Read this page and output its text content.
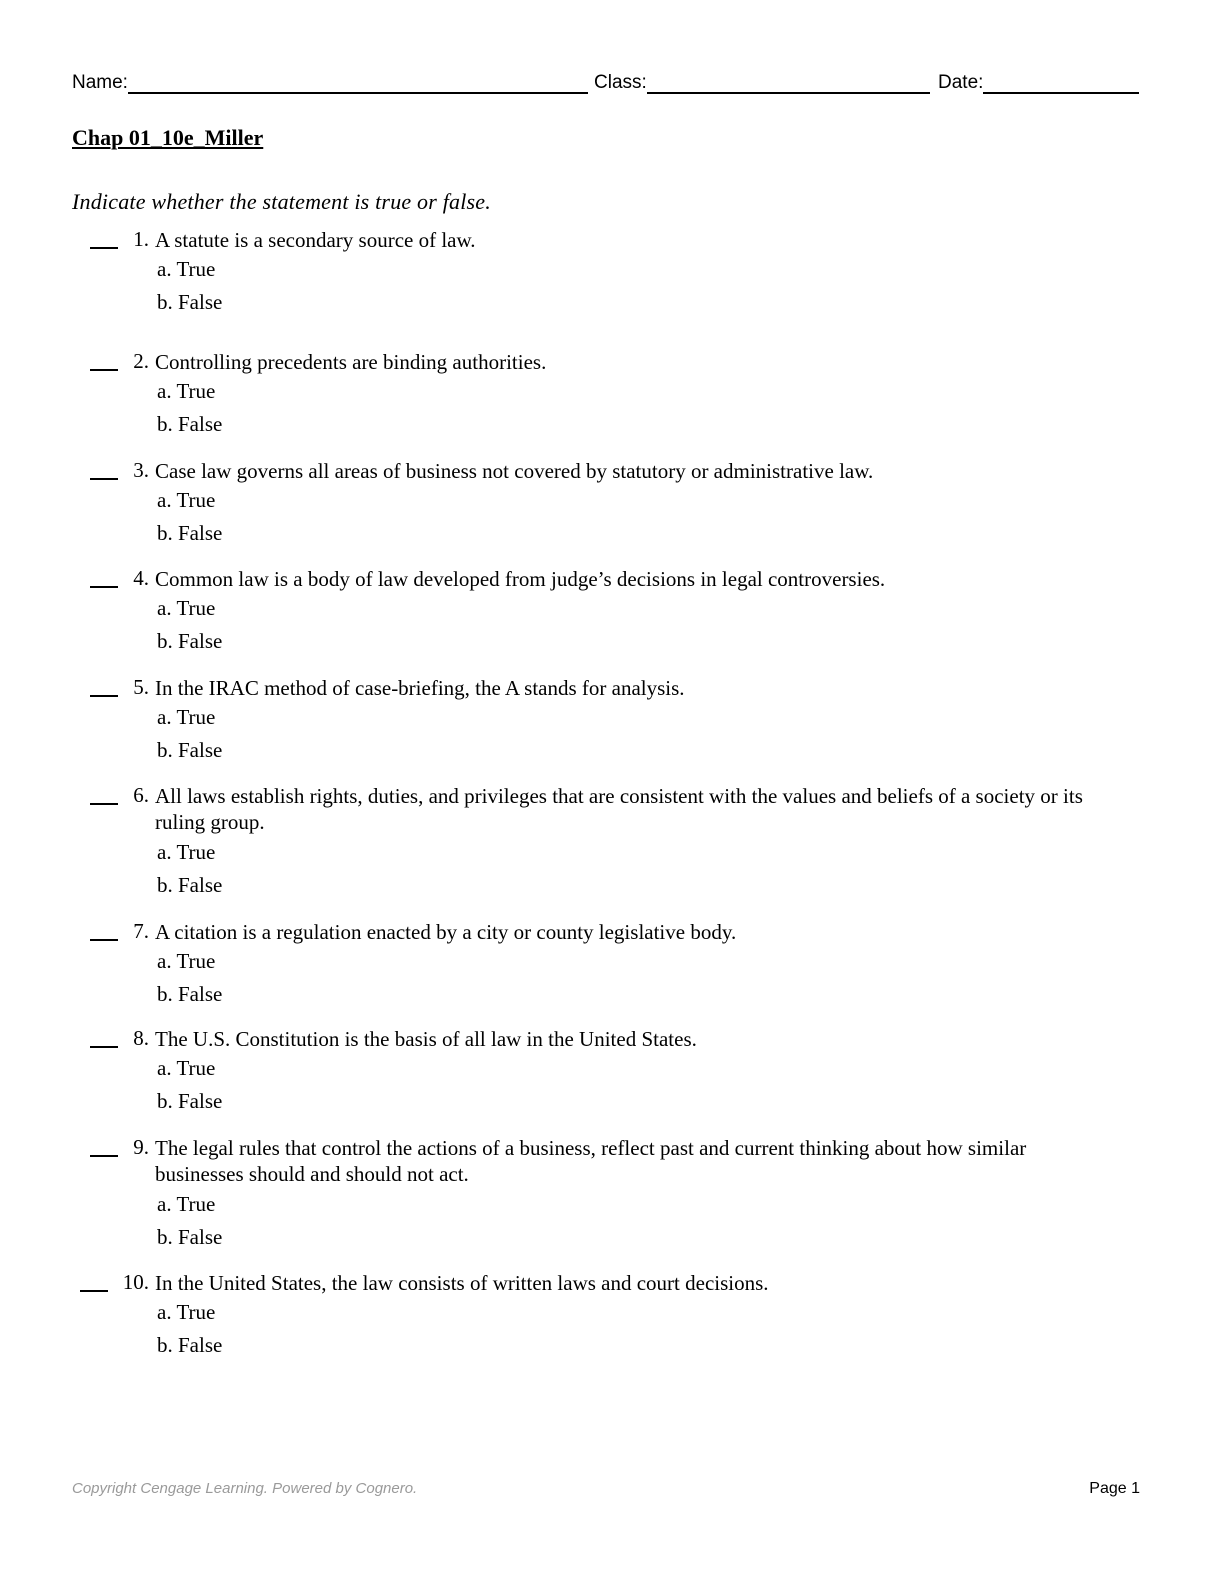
Name:	Class:	Date:
Chap 01_10e_Miller
Indicate whether the statement is true or false.
1. A statute is a secondary source of law.
a. True
b. False
2. Controlling precedents are binding authorities.
a. True
b. False
3. Case law governs all areas of business not covered by statutory or administrative law.
a. True
b. False
4. Common law is a body of law developed from judge’s decisions in legal controversies.
a. True
b. False
5. In the IRAC method of case-briefing, the A stands for analysis.
a. True
b. False
6. All laws establish rights, duties, and privileges that are consistent with the values and beliefs of a society or its ruling group.
a. True
b. False
7. A citation is a regulation enacted by a city or county legislative body.
a. True
b. False
8. The U.S. Constitution is the basis of all law in the United States.
a. True
b. False
9. The legal rules that control the actions of a business, reflect past and current thinking about how similar businesses should and should not act.
a. True
b. False
10. In the United States, the law consists of written laws and court decisions.
a. True
b. False
Copyright Cengage Learning. Powered by Cognero.	Page 1
